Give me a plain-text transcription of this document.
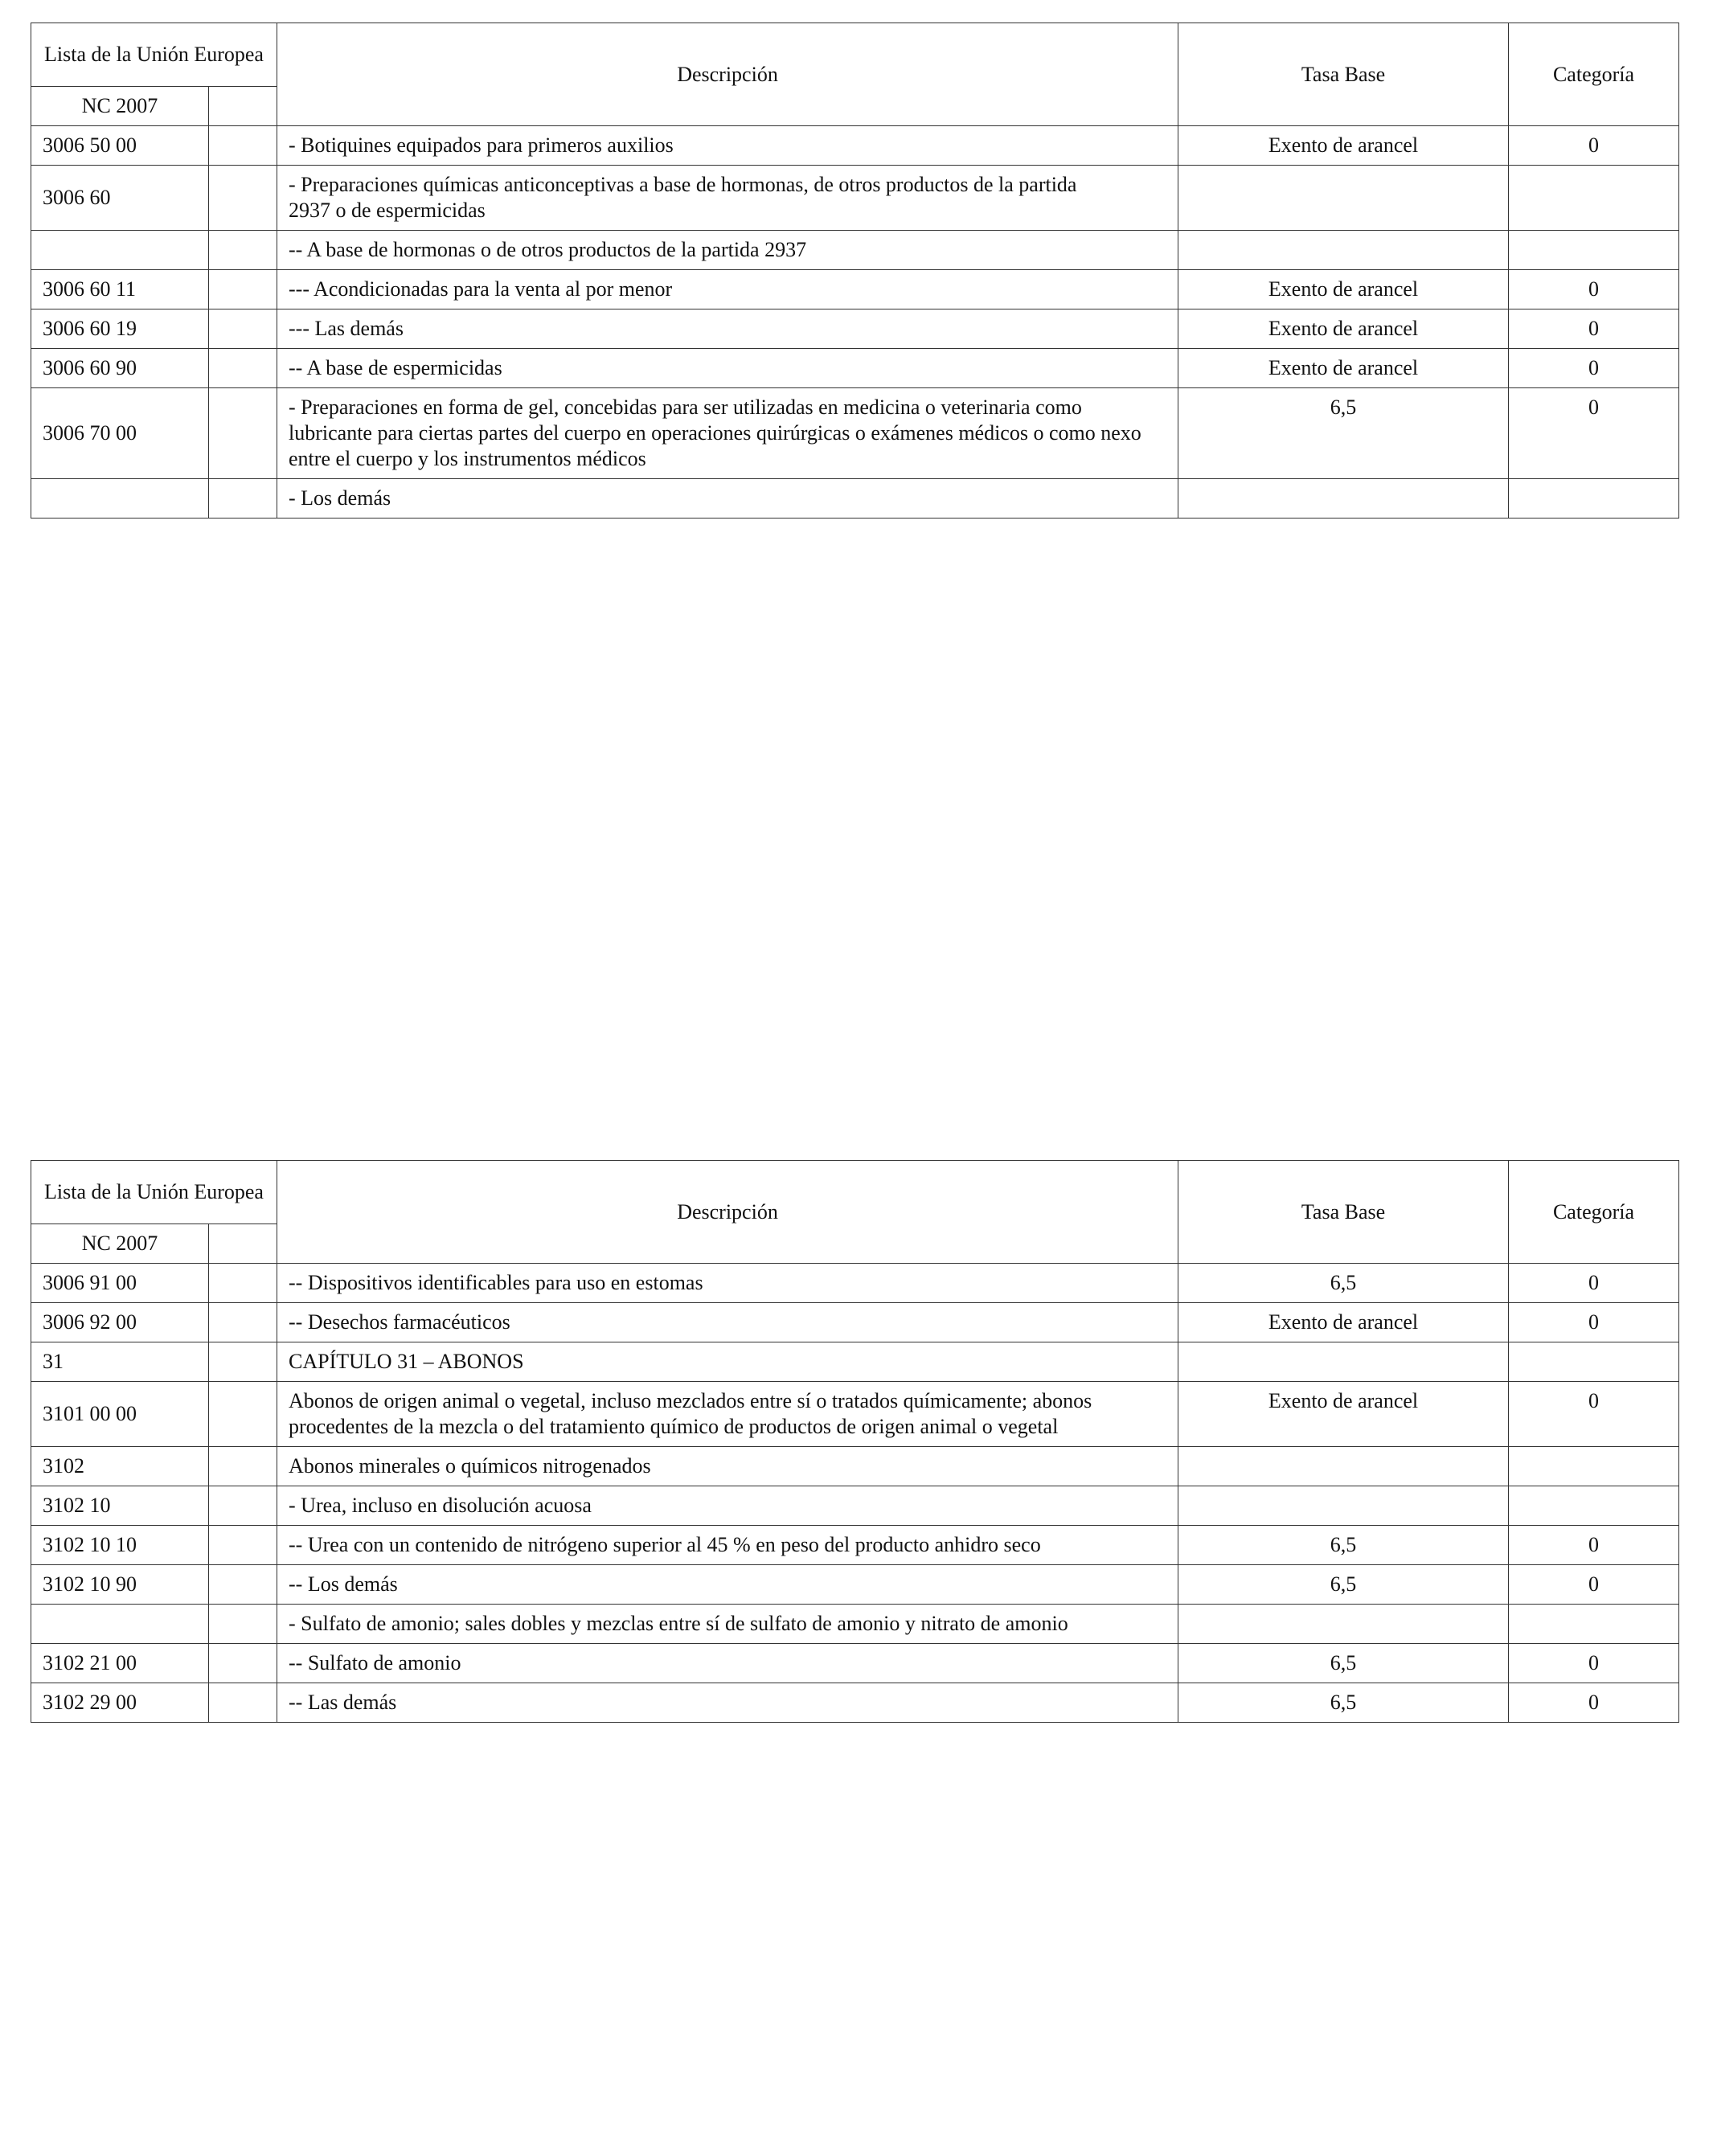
Lista de la Unión Europea		Descripción	Tasa Base	Categoría
NC 2007				
3006 50 00		- Botiquines equipados para primeros auxilios	Exento de arancel	0
3006 60		- Preparaciones químicas anticonceptivas a base de hormonas, de otros productos de la partida 2937 o de espermicidas		

		-- A base de hormonas o de otros productos de la partida 2937		
3006 60 11		--- Acondicionadas para la venta al por menor	Exento de arancel	0
3006 60 19		--- Las demás	Exento de arancel	0
3006 60 90		-- A base de espermicidas	Exento de arancel	0
3006 70 00		- Preparaciones en forma de gel, concebidas para ser utilizadas en medicina o veterinaria como lubricante para ciertas partes del cuerpo en operaciones quirúrgicas o exámenes médicos o como nexo entre el cuerpo y los instrumentos médicos	6,5	0
		- Los demás		
Lista de la Unión Europea		Descripción	Tasa Base	Categoría
NC 2007				
3006 91 00		-- Dispositivos identificables para uso en estomas	6,5	0
3006 92 00		-- Desechos farmacéuticos	Exento de arancel	0
31		CAPÍTULO 31 – ABONOS		
3101 00 00		Abonos de origen animal o vegetal, incluso mezclados entre sí o tratados químicamente; abonos procedentes de la mezcla o del tratamiento químico de productos de origen animal o vegetal	Exento de arancel	0
3102		Abonos minerales o químicos nitrogenados		
3102 10		- Urea, incluso en disolución acuosa		
3102 10 10		-- Urea con un contenido de nitrógeno superior al 45 % en peso del producto anhidro seco	6,5	0
3102 10 90		-- Los demás	6,5	0
		- Sulfato de amonio; sales dobles y mezclas entre sí de sulfato de amonio y nitrato de amonio		
3102 21 00		-- Sulfato de amonio	6,5	0
3102 29 00		-- Las demás	6,5	0
